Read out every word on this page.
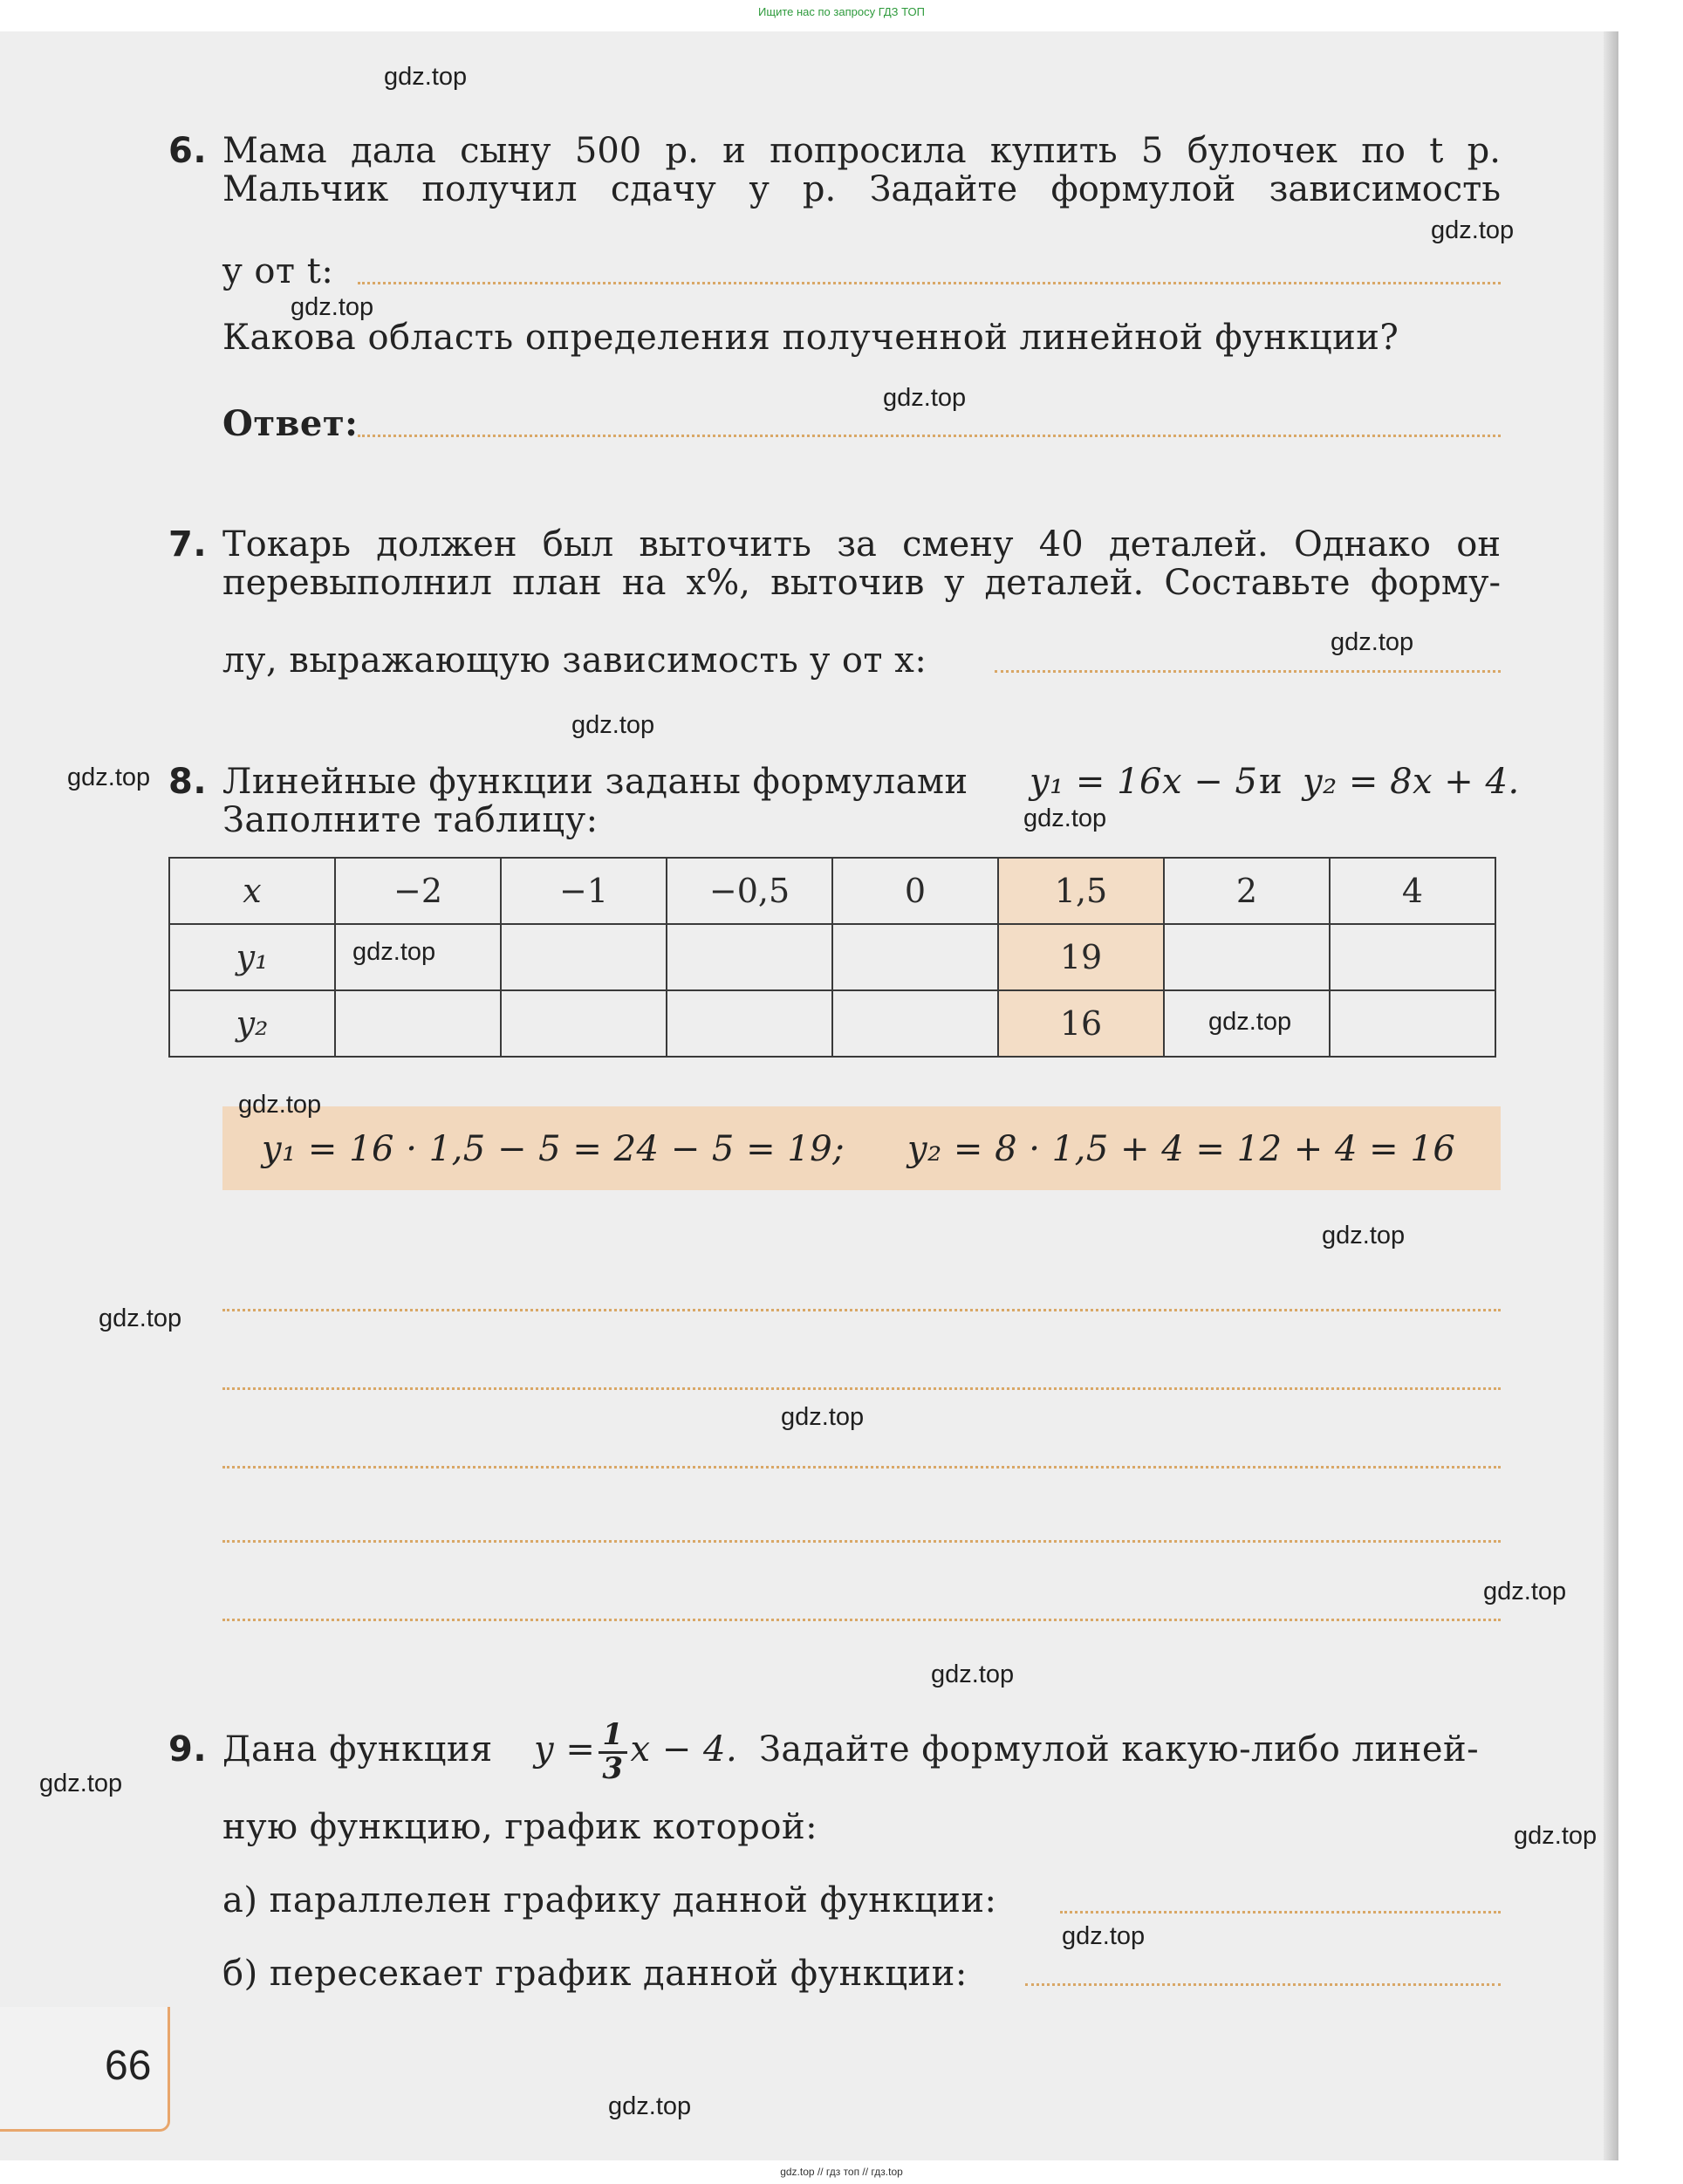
Ищите нас по запросу ГДЗ ТОП
6. Мама дала сыну 500 р. и попросила купить 5 булочек по t р.
Мальчик получил сдачу y р. Задайте формулой зависимость
y от t:
Какова область определения полученной линейной функции?
Ответ:
7. Токарь должен был выточить за смену 40 деталей. Однако он
перевыполнил план на x%, выточив y деталей. Составьте форму-
лу, выражающую зависимость y от x:
8. Линейные функции заданы формулами y₁ = 16x − 5 и y₂ = 8x + 4.
Заполните таблицу:
x	−2	−1	−0,5	0	1,5	2	4
y₁					19		
y₂					16		
y₁ = 16 · 1,5 − 5 = 24 − 5 = 19; y₂ = 8 · 1,5 + 4 = 12 + 4 = 16
9. Дана функция $y = \frac{1}{3}$ x − 4. Задайте формулой какую-либо линей-
ную функцию, график которой:
а) параллелен графику данной функции:
б) пересекает график данной функции:
66
gdz.top
gdz.top
gdz.top
gdz.top
gdz.top
gdz.top
gdz.top
gdz.top
gdz.top
gdz.top
gdz.top
gdz.top
gdz.top
gdz.top
gdz.top
gdz.top
gdz.top
gdz.top
gdz.top
gdz.top
gdz.top // гдз топ // гдз.top
